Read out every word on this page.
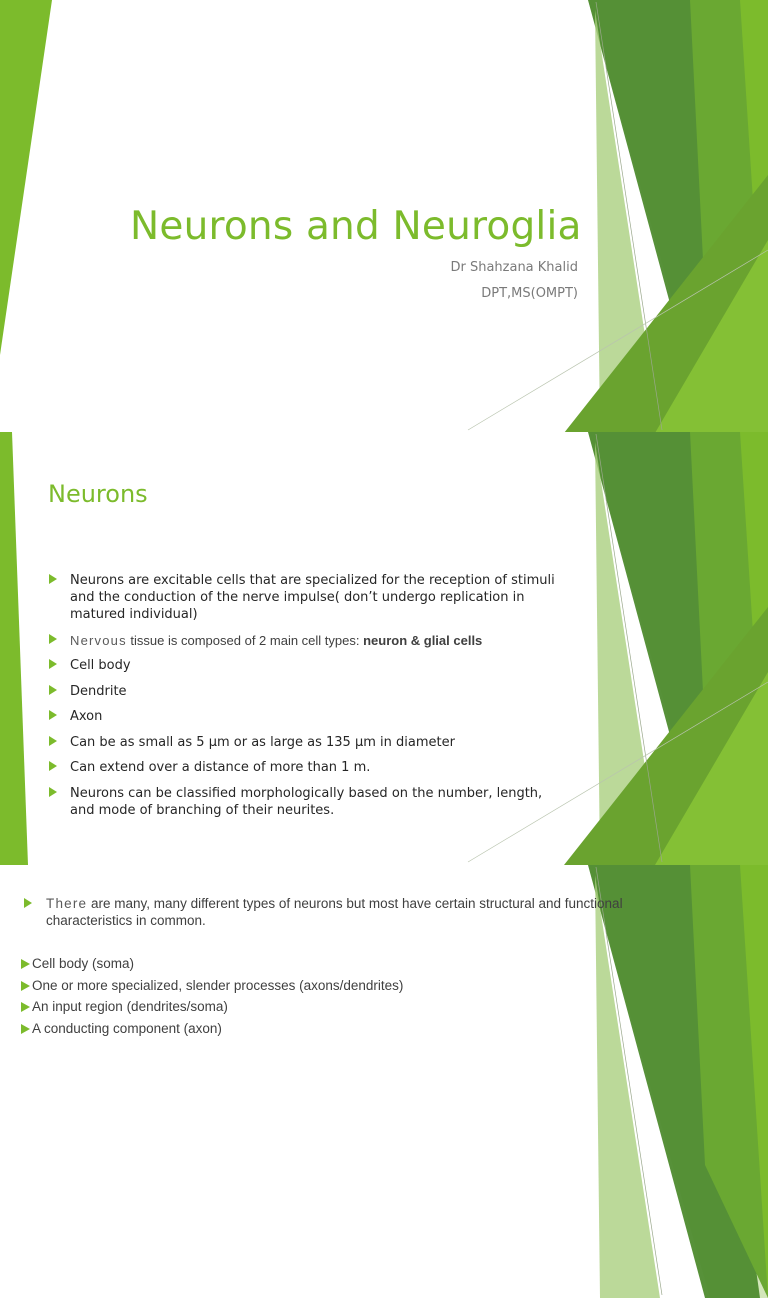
Neurons and Neuroglia
Dr Shahzana Khalid
DPT,MS(OMPT)
Neurons
Neurons are excitable cells that are specialized for the reception of stimuli and the conduction of the nerve impulse( don’t undergo replication in matured individual)
Nervous tissue is composed of 2 main cell types: neuron & glial cells
Cell body
Dendrite
Axon
Can be as small as 5 μm or as large as 135 μm in diameter
Can extend over a distance of more than 1 m.
Neurons can be classified morphologically based on the number, length, and mode of branching of their neurites.
There are many, many different types of neurons but most have certain structural and functional characteristics in common.
Cell body (soma)
One or more specialized, slender processes (axons/dendrites)
An input region (dendrites/soma)
A conducting component (axon)
